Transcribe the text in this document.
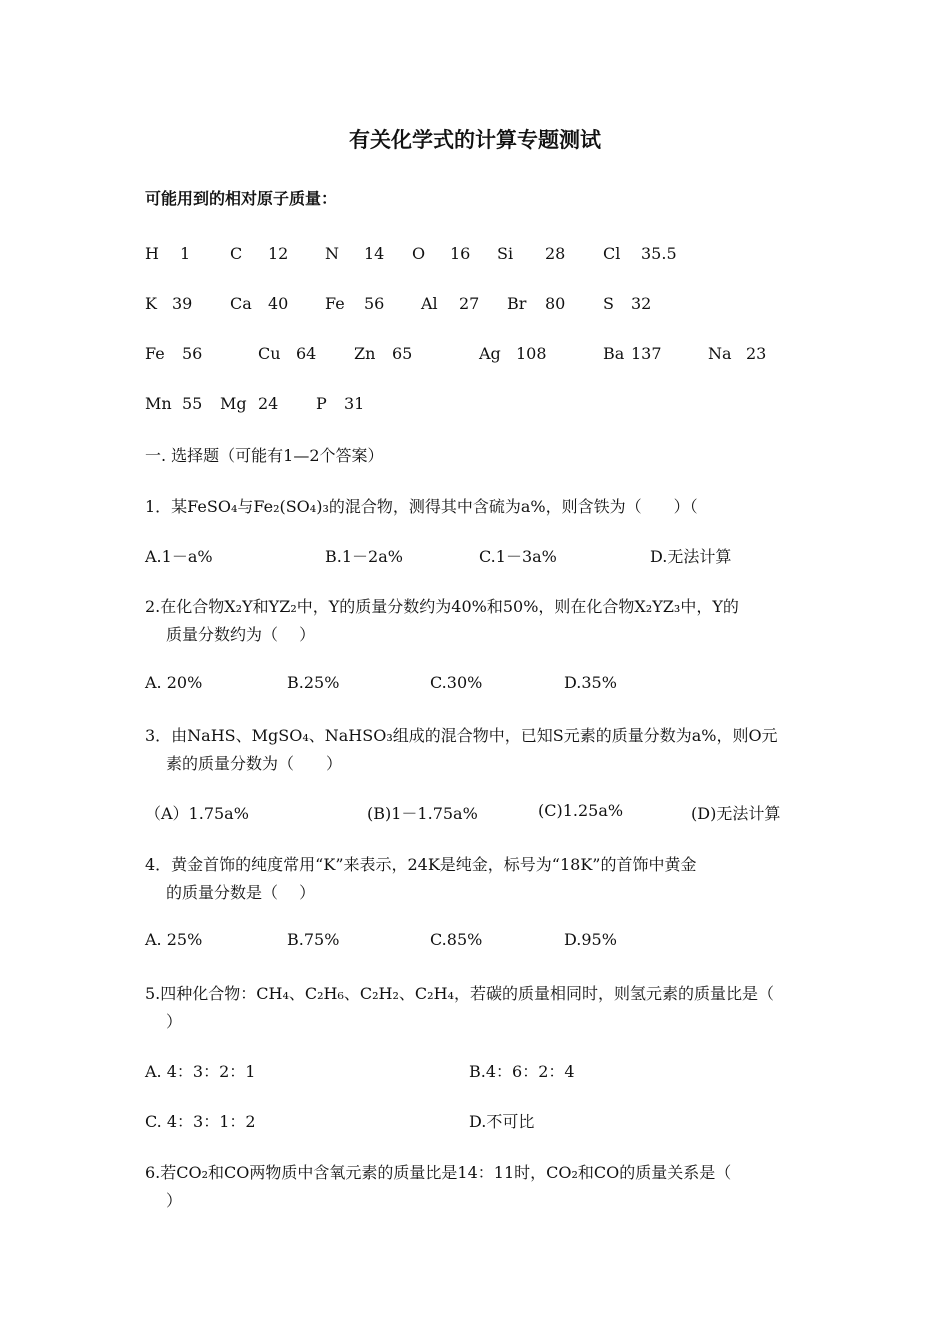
有关化学式的计算专题测试
可能用到的相对原子质量：
H 1 C 12 N 14 O 16 Si 28 Cl 35.5
K 39 Ca 40 Fe 56 Al 27 Br 80 S 32
Fe 56	Cu 64 Zn 65	Ag 108	Ba 137	Na 23
Mn 55 Mg 24 P 31
一. 选择题（可能有1—2个答案）
1．某FeSO₄与Fe₂(SO₄)₃的混合物，测得其中含硫为a%，则含铁为（　　）（
A.1－a%	B.1－2a%	C.1－3a%	D.无法计算
2.在化合物X₂Y和YZ₂中，Y的质量分数约为40%和50%，则在化合物X₂YZ₃中，Y的
质量分数约为（　 ）
A. 20%	B.25%	C.30%	D.35%
3．由NaHS、MgSO₄、NaHSO₃组成的混合物中，已知S元素的质量分数为a%，则O元
素的质量分数为（　　）
（A）1.75a%	(B)1－1.75a%	(C)1.25a%	(D)无法计算
4．黄金首饰的纯度常用“K”来表示，24K是纯金，标号为“18K”的首饰中黄金
的质量分数是（　 ）
A. 25%	B.75%	C.85%	D.95%
5.四种化合物：CH₄、C₂H₆、C₂H₂、C₂H₄，若碳的质量相同时，则氢元素的质量比是（
）
A. 4：3：2：1	B.4：6：2：4
C. 4：3：1：2	D.不可比
6.若CO₂和CO两物质中含氧元素的质量比是14：11时，CO₂和CO的质量关系是（
）
